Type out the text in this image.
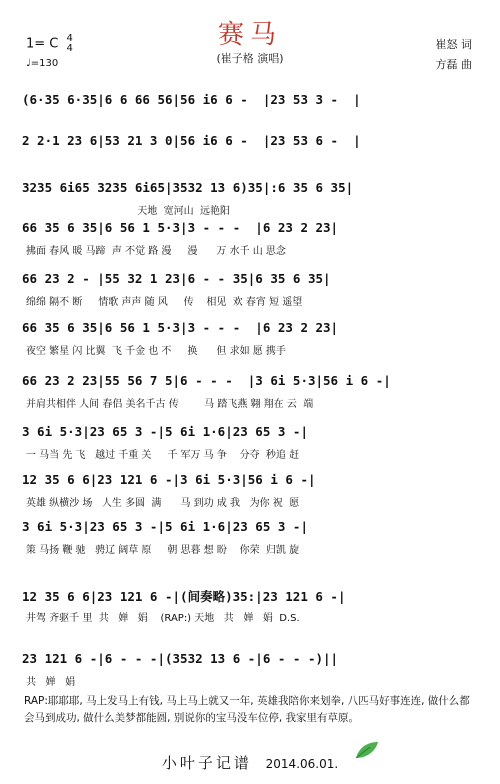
赛马
(崔子格 演唱)
1= C 4
4
♩=130
崔怒 词
方磊 曲
(6·35 6·35|6 6 66 56|56 i6 6 -  |23 53 3 -  |
2 2·1 23 6|53 21 3 0|56 i6 6 -  |23 53 6 -  |
3235 6i65 3235 6i65|3532 13 6)35|:6 35 6 35|
天地  宽河山  远艳阳
66 35 6 35|6 56 1 5·3|3 - - -  |6 23 2 23|
拂面 春风 暖 马蹄  声 不觉 路 漫     漫      万 水千 山 思念
66 23 2 - |55 32 1 23|6 - - 35|6 35 6 35|
绵绵 隔不 断     情歌 声声 随 风     传    相见  欢 春宵 短 遥望
66 35 6 35|6 56 1 5·3|3 - - -  |6 23 2 23|
夜空 繁星 闪 比翼  飞 千金 也 不     换      但 求如 愿 携手
66 23 2 23|55 56 7 5|6 - - -  |3 6i 5·3|56 i 6 -|
并肩共相伴 人间 春侣 美名千古 传        马 踏飞燕 翱 翔在 云  端
3 6i 5·3|23 65 3 -|5 6i 1·6|23 65 3 -|
一 马当 先 飞   越过 千重 关     千 军万 马 争    分夺  秒追 赶
12 35 6 6|23 121 6 -|3 6i 5·3|56 i 6 -|
英雄 纵横沙 场   人生 多圆  满      马 到功 成 我   为你 祝  愿
3 6i 5·3|23 65 3 -|5 6i 1·6|23 65 3 -|
策 马扬 鞭 驰   骋辽 阔草 原     朝 思暮 想 盼    你荣  归凯 旋
12 35 6 6|23 121 6 -|(间奏略)35:|23 121 6 -|
井驾 齐驱千 里  共   婵   娟    (RAP:) 天地   共   婵   娟  D.S.
23 121 6 -|6 - - -|(3532 13 6 -|6 - - -)||
共   婵   娟
RAP:耶耶耶, 马上发马上有钱, 马上马上就又一年, 英雄我陪你来划拳, 八匹马好事连连, 做什么都会马到成功, 做什么美梦都能圆, 别说你的宝马没车位停, 我家里有草原。
小叶子记谱 2014.06.01.
